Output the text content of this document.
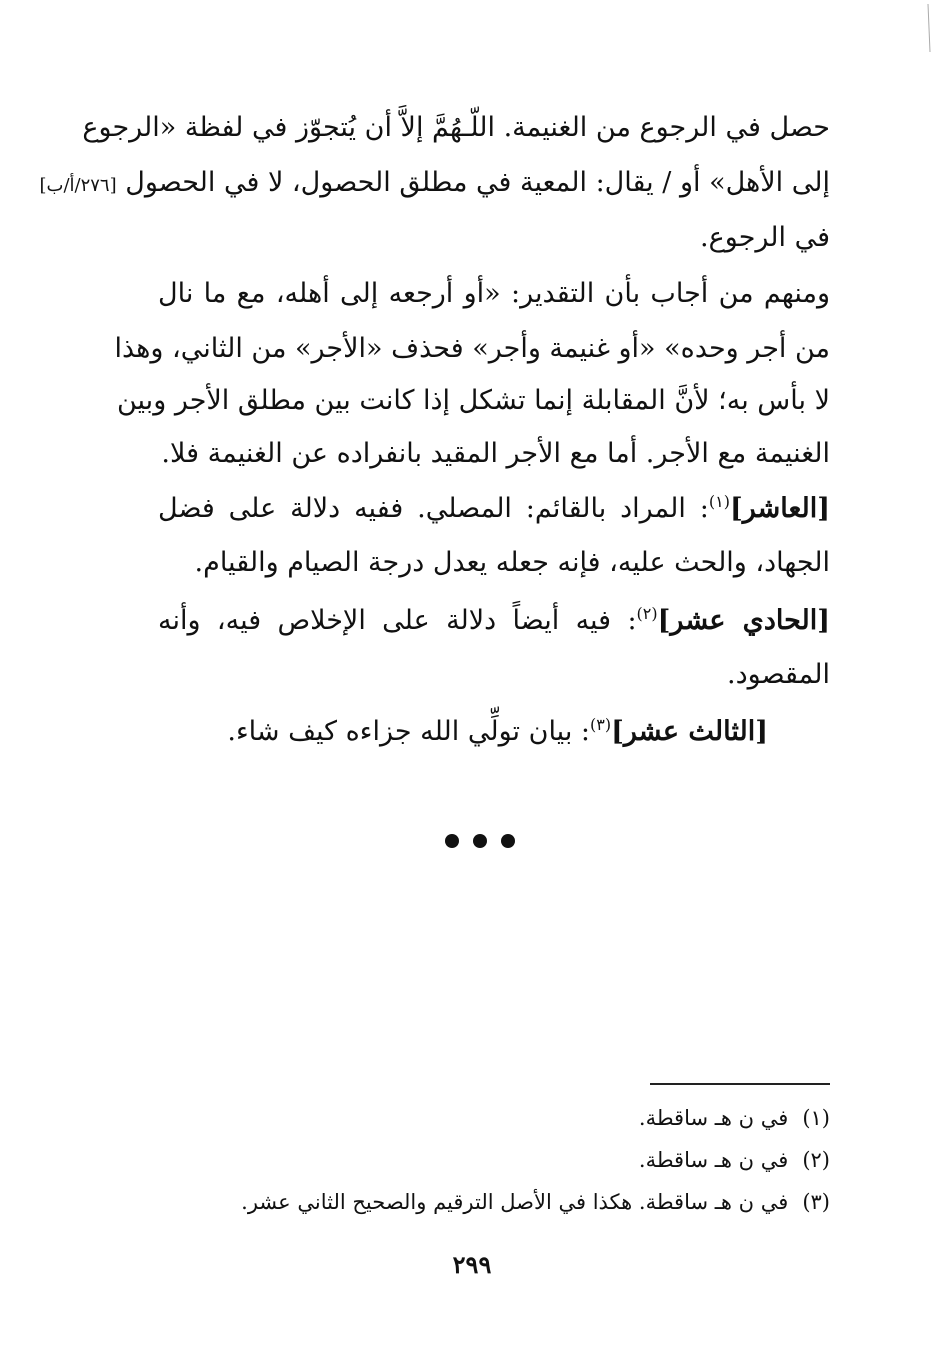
حصل في الرجوع من الغنيمة. اللّـهُمَّ إلاَّ أن يُتجوّز في لفظة «الرجوع
إلى الأهل» أو / يقال: المعية في مطلق الحصول، لا في الحصول [٢٧٦/أ/ب]
في الرجوع.
ومنهم من أجاب بأن التقدير: «أو أرجعه إلى أهله، مع ما نال
من أجر وحده» «أو غنيمة وأجر» فحذف «الأجر» من الثاني، وهذا
لا بأس به؛ لأنَّ المقابلة إنما تشكل إذا كانت بين مطلق الأجر وبين
الغنيمة مع الأجر. أما مع الأجر المقيد بانفراده عن الغنيمة فلا.
[العاشر]$^{(١)}$: المراد بالقائم: المصلي. ففيه دلالة على فضل
الجهاد، والحث عليه، فإنه جعله يعدل درجة الصيام والقيام.
[الحادي عشر]$^{(٢)}$: فيه أيضاً دلالة على الإخلاص فيه، وأنه
المقصود.
[الثالث عشر]$^{(٣)}$: بيان تولِّي الله جزاءه كيف شاء.
(١)في ن هـ ساقطة.
(٢)في ن هـ ساقطة.
(٣)في ن هـ ساقطة. هكذا في الأصل الترقيم والصحيح الثاني عشر.
٢٩٩
